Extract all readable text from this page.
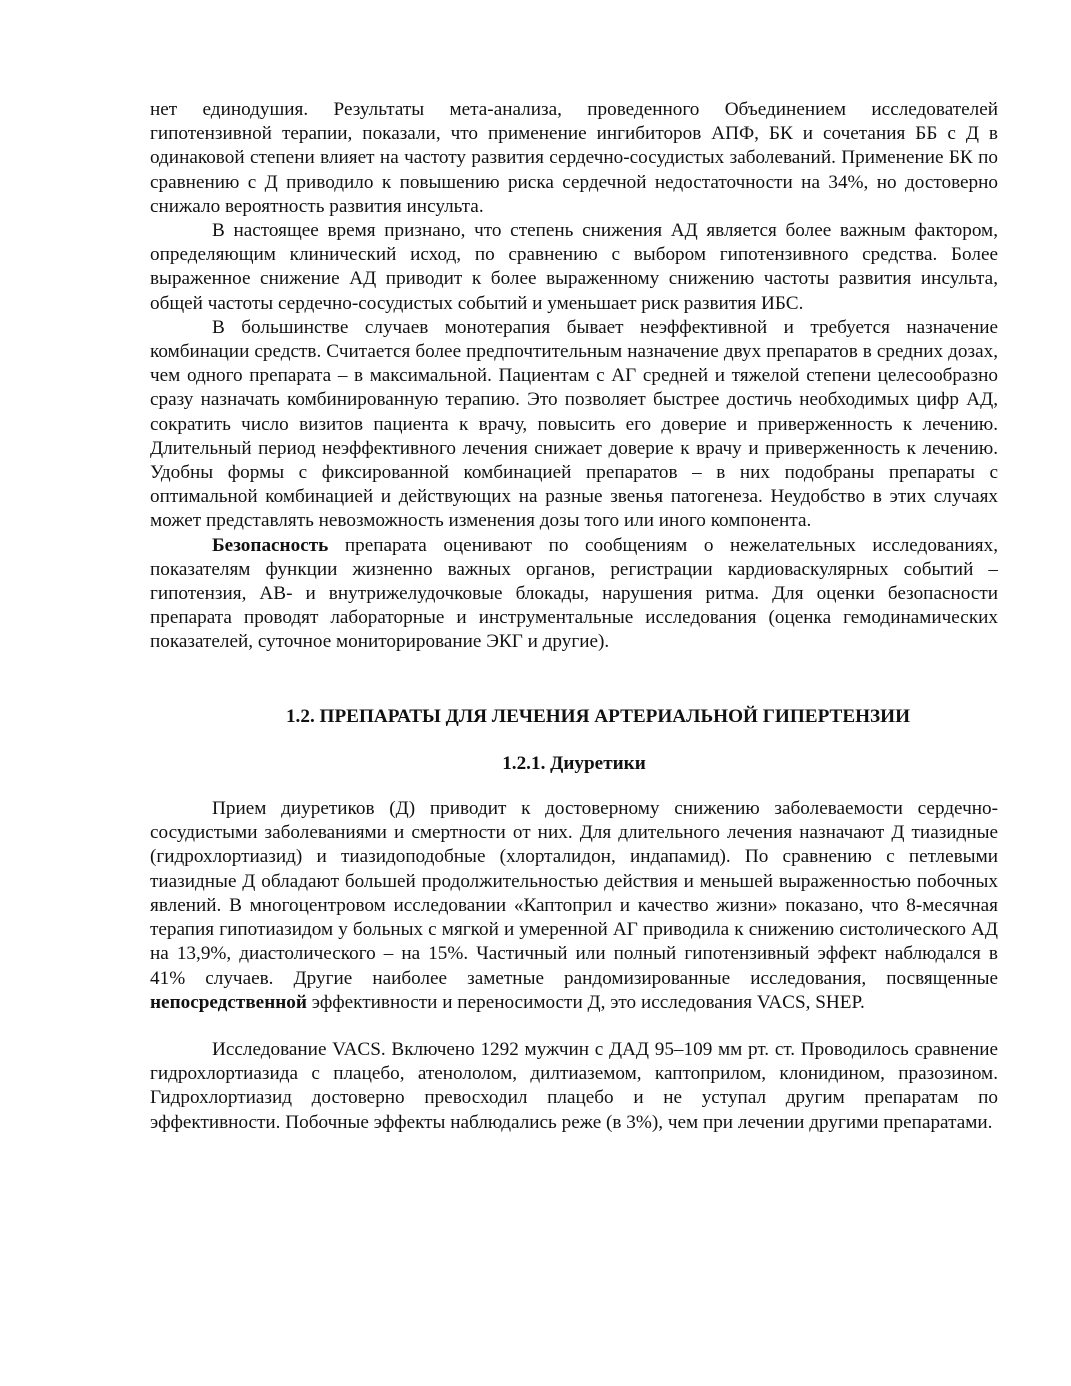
нет единодушия. Результаты мета-анализа, проведенного Объединением исследователей гипотензивной терапии, показали, что применение ингибиторов АПФ, БК и сочетания ББ с Д в одинаковой степени влияет на частоту развития сердечно-сосудистых заболеваний. Применение БК по сравнению с Д приводило к повышению риска сердечной недостаточности на 34%, но достоверно снижало вероятность развития инсульта.

В настоящее время признано, что степень снижения АД является более важным фактором, определяющим клинический исход, по сравнению с выбором гипотензивного средства. Более выраженное снижение АД приводит к более выраженному снижению частоты развития инсульта, общей частоты сердечно-сосудистых событий и уменьшает риск развития ИБС.

В большинстве случаев монотерапия бывает неэффективной и требуется назначение комбинации средств. Считается более предпочтительным назначение двух препаратов в средних дозах, чем одного препарата – в максимальной. Пациентам с АГ средней и тяжелой степени целесообразно сразу назначать комбинированную терапию. Это позволяет быстрее достичь необходимых цифр АД, сократить число визитов пациента к врачу, повысить его доверие и приверженность к лечению. Длительный период неэффективного лечения снижает доверие к врачу и приверженность к лечению. Удобны формы с фиксированной комбинацией препаратов – в них подобраны препараты с оптимальной комбинацией и действующих на разные звенья патогенеза. Неудобство в этих случаях может представлять невозможность изменения дозы того или иного компонента.

Безопасность препарата оценивают по сообщениям о нежелательных исследованиях, показателям функции жизненно важных органов, регистрации кардиоваскулярных событий – гипотензия, АВ- и внутрижелудочковые блокады, нарушения ритма. Для оценки безопасности препарата проводят лабораторные и инструментальные исследования (оценка гемодинамических показателей, суточное мониторирование ЭКГ и другие).

1.2. ПРЕПАРАТЫ ДЛЯ ЛЕЧЕНИЯ АРТЕРИАЛЬНОЙ ГИПЕРТЕНЗИИ

1.2.1. Диуретики

Прием диуретиков (Д) приводит к достоверному снижению заболеваемости сердечно-сосудистыми заболеваниями и смертности от них. Для длительного лечения назначают Д тиазидные (гидрохлортиазид) и тиазидоподобные (хлорталидон, индапамид). По сравнению с петлевыми тиазидные Д обладают большей продолжительностью действия и меньшей выраженностью побочных явлений. В многоцентровом исследовании «Каптоприл и качество жизни» показано, что 8-месячная терапия гипотиазидом у больных с мягкой и умеренной АГ приводила к снижению систолического АД на 13,9%, диастолического – на 15%. Частичный или полный гипотензивный эффект наблюдался в 41% случаев. Другие наиболее заметные рандомизированные исследования, посвященные непосредственной эффективности и переносимости Д, это исследования VACS, SHEP.

Исследование VACS. Включено 1292 мужчин с ДАД 95–109 мм рт. ст. Проводилось сравнение гидрохлортиазида с плацебо, атенололом, дилтиаземом, каптоприлом, клонидином, празозином. Гидрохлортиазид достоверно превосходил плацебо и не уступал другим препаратам по эффективности. Побочные эффекты наблюдались реже (в 3%), чем при лечении другими препаратами.
